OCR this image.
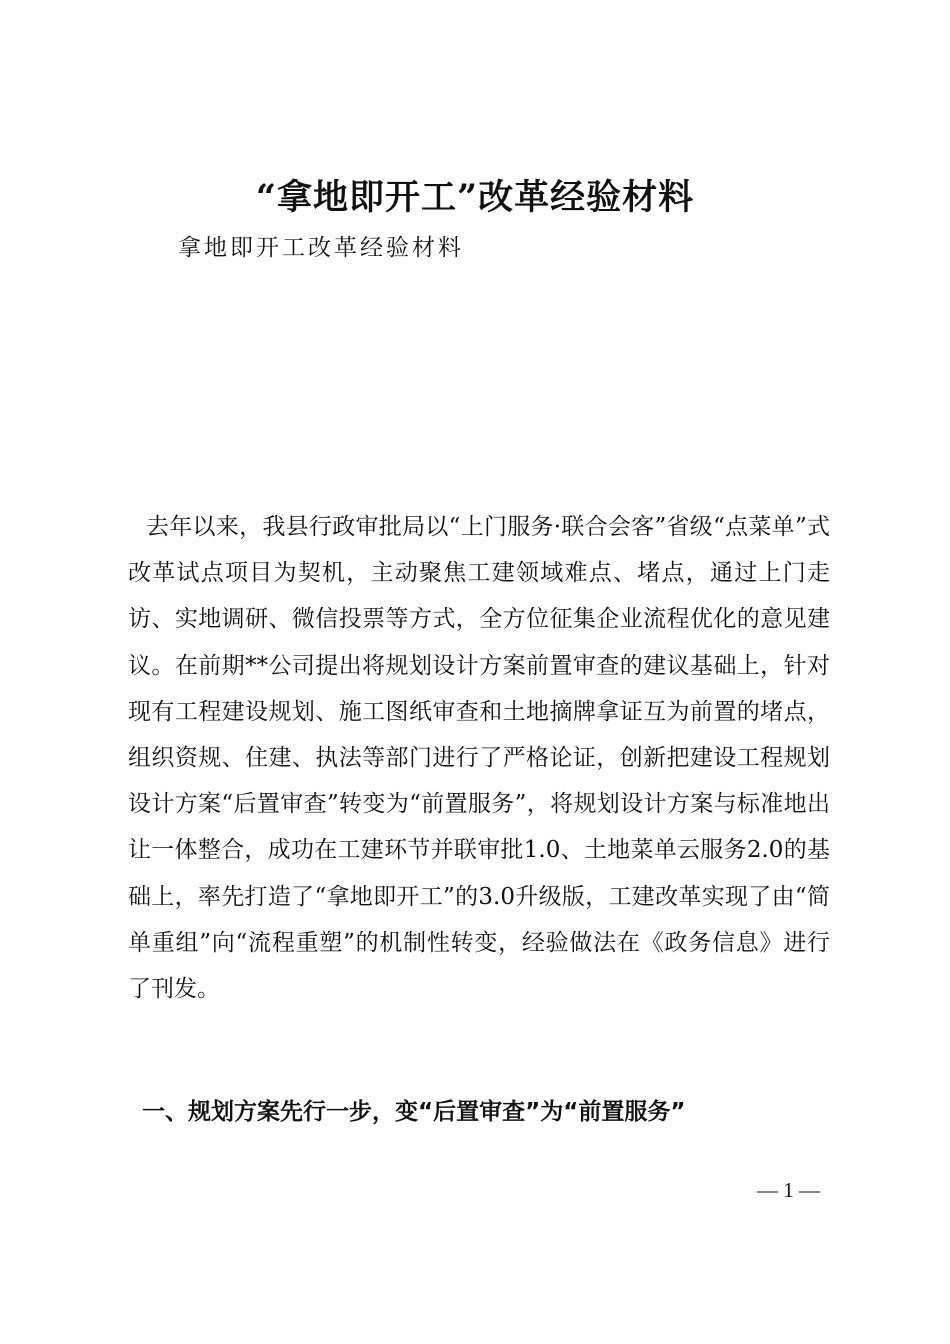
“拿地即开工”改革经验材料

拿地即开工改革经验材料

去年以来，我县行政审批局以“上门服务·联合会客”省级“点菜单”式改革试点项目为契机，主动聚焦工建领域难点、堵点，通过上门走访、实地调研、微信投票等方式，全方位征集企业流程优化的意见建议。在前期**公司提出将规划设计方案前置审查的建议基础上，针对现有工程建设规划、施工图纸审查和土地摘牌拿证互为前置的堵点，组织资规、住建、执法等部门进行了严格论证，创新把建设工程规划设计方案“后置审查”转变为“前置服务”，将规划设计方案与标准地出让一体整合，成功在工建环节并联审批1.0、土地菜单云服务2.0的基础上，率先打造了“拿地即开工”的3.0升级版，工建改革实现了由“简单重组”向“流程重塑”的机制性转变，经验做法在《政务信息》进行了刊发。

一、规划方案先行一步，变“后置审查”为“前置服务”
— 1 —
